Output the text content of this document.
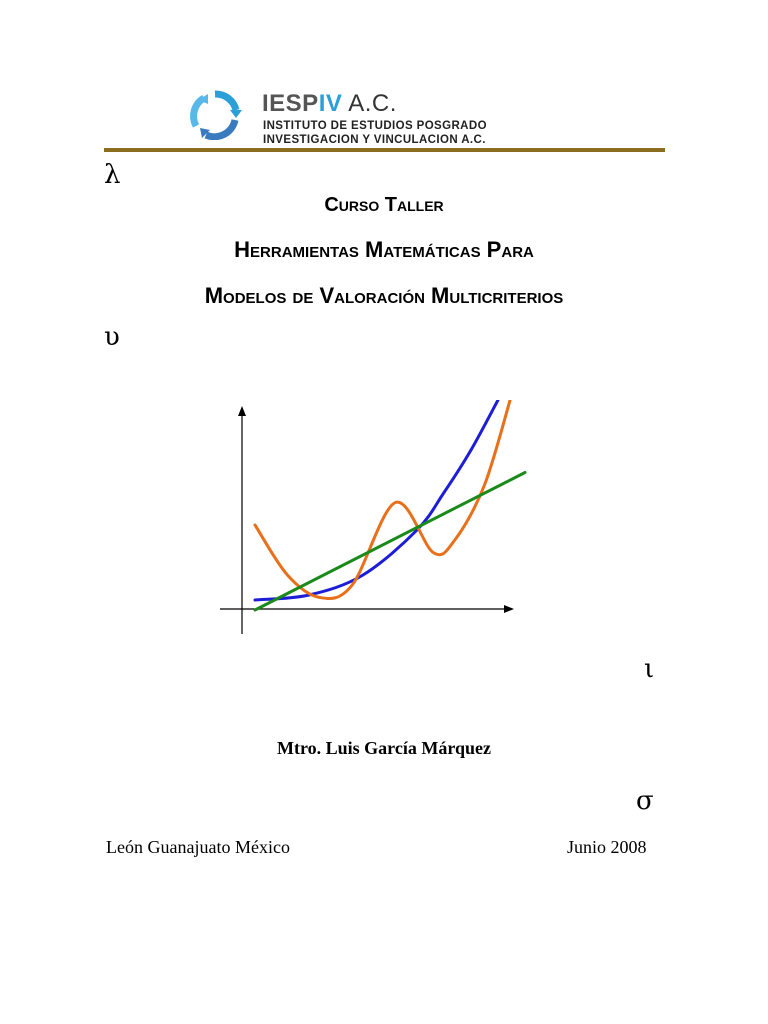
IESPIV A.C.
INSTITUTO DE ESTUDIOS POSGRADO
INVESTIGACION Y VINCULACION A.C.
λ
υ
ι
σ
Curso Taller
Herramientas Matemáticas Para
Modelos de Valoración Multicriterios
Mtro. Luis García Márquez
León Guanajuato México	Junio 2008
